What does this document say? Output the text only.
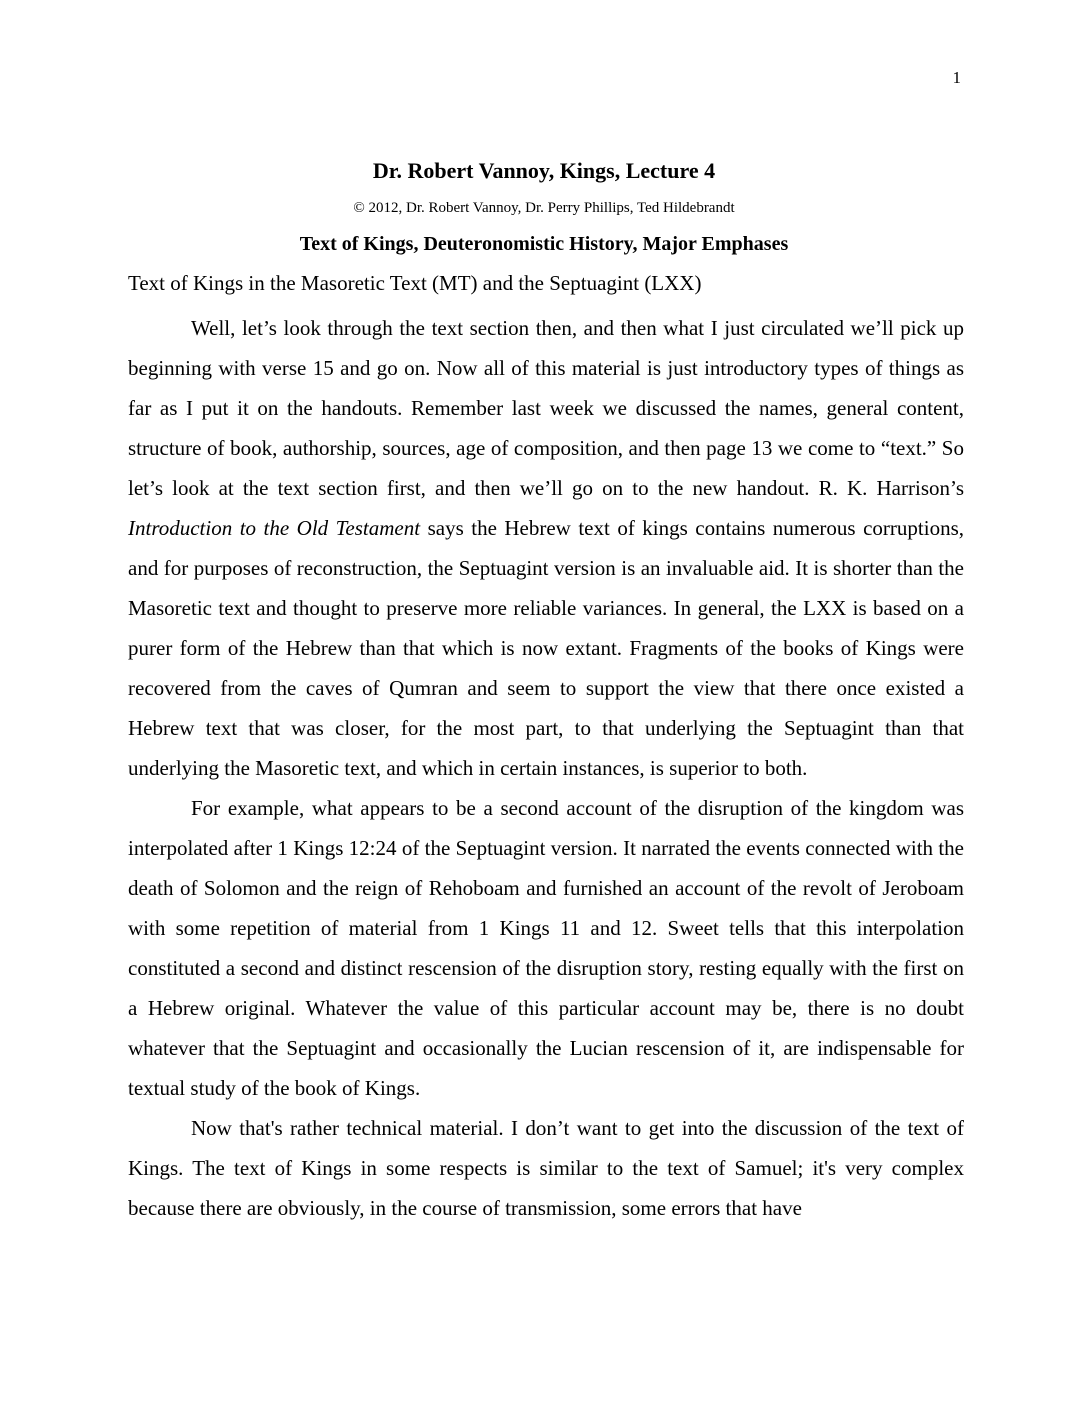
1
Dr. Robert Vannoy, Kings, Lecture 4
© 2012, Dr. Robert Vannoy, Dr. Perry Phillips, Ted Hildebrandt
Text of Kings, Deuteronomistic History, Major Emphases
Text of Kings in the Masoretic Text (MT) and the Septuagint (LXX)

Well, let’s look through the text section then, and then what I just circulated we’ll pick up beginning with verse 15 and go on. Now all of this material is just introductory types of things as far as I put it on the handouts. Remember last week we discussed the names, general content, structure of book, authorship, sources, age of composition, and then page 13 we come to “text.” So let’s look at the text section first, and then we’ll go on to the new handout. R. K. Harrison’s Introduction to the Old Testament says the Hebrew text of kings contains numerous corruptions, and for purposes of reconstruction, the Septuagint version is an invaluable aid. It is shorter than the Masoretic text and thought to preserve more reliable variances. In general, the LXX is based on a purer form of the Hebrew than that which is now extant. Fragments of the books of Kings were recovered from the caves of Qumran and seem to support the view that there once existed a Hebrew text that was closer, for the most part, to that underlying the Septuagint than that underlying the Masoretic text, and which in certain instances, is superior to both.

For example, what appears to be a second account of the disruption of the kingdom was interpolated after 1 Kings 12:24 of the Septuagint version. It narrated the events connected with the death of Solomon and the reign of Rehoboam and furnished an account of the revolt of Jeroboam with some repetition of material from 1 Kings 11 and 12. Sweet tells that this interpolation constituted a second and distinct rescension of the disruption story, resting equally with the first on a Hebrew original. Whatever the value of this particular account may be, there is no doubt whatever that the Septuagint and occasionally the Lucian rescension of it, are indispensable for textual study of the book of Kings.

Now that's rather technical material. I don’t want to get into the discussion of the text of Kings. The text of Kings in some respects is similar to the text of Samuel; it's very complex because there are obviously, in the course of transmission, some errors that have
